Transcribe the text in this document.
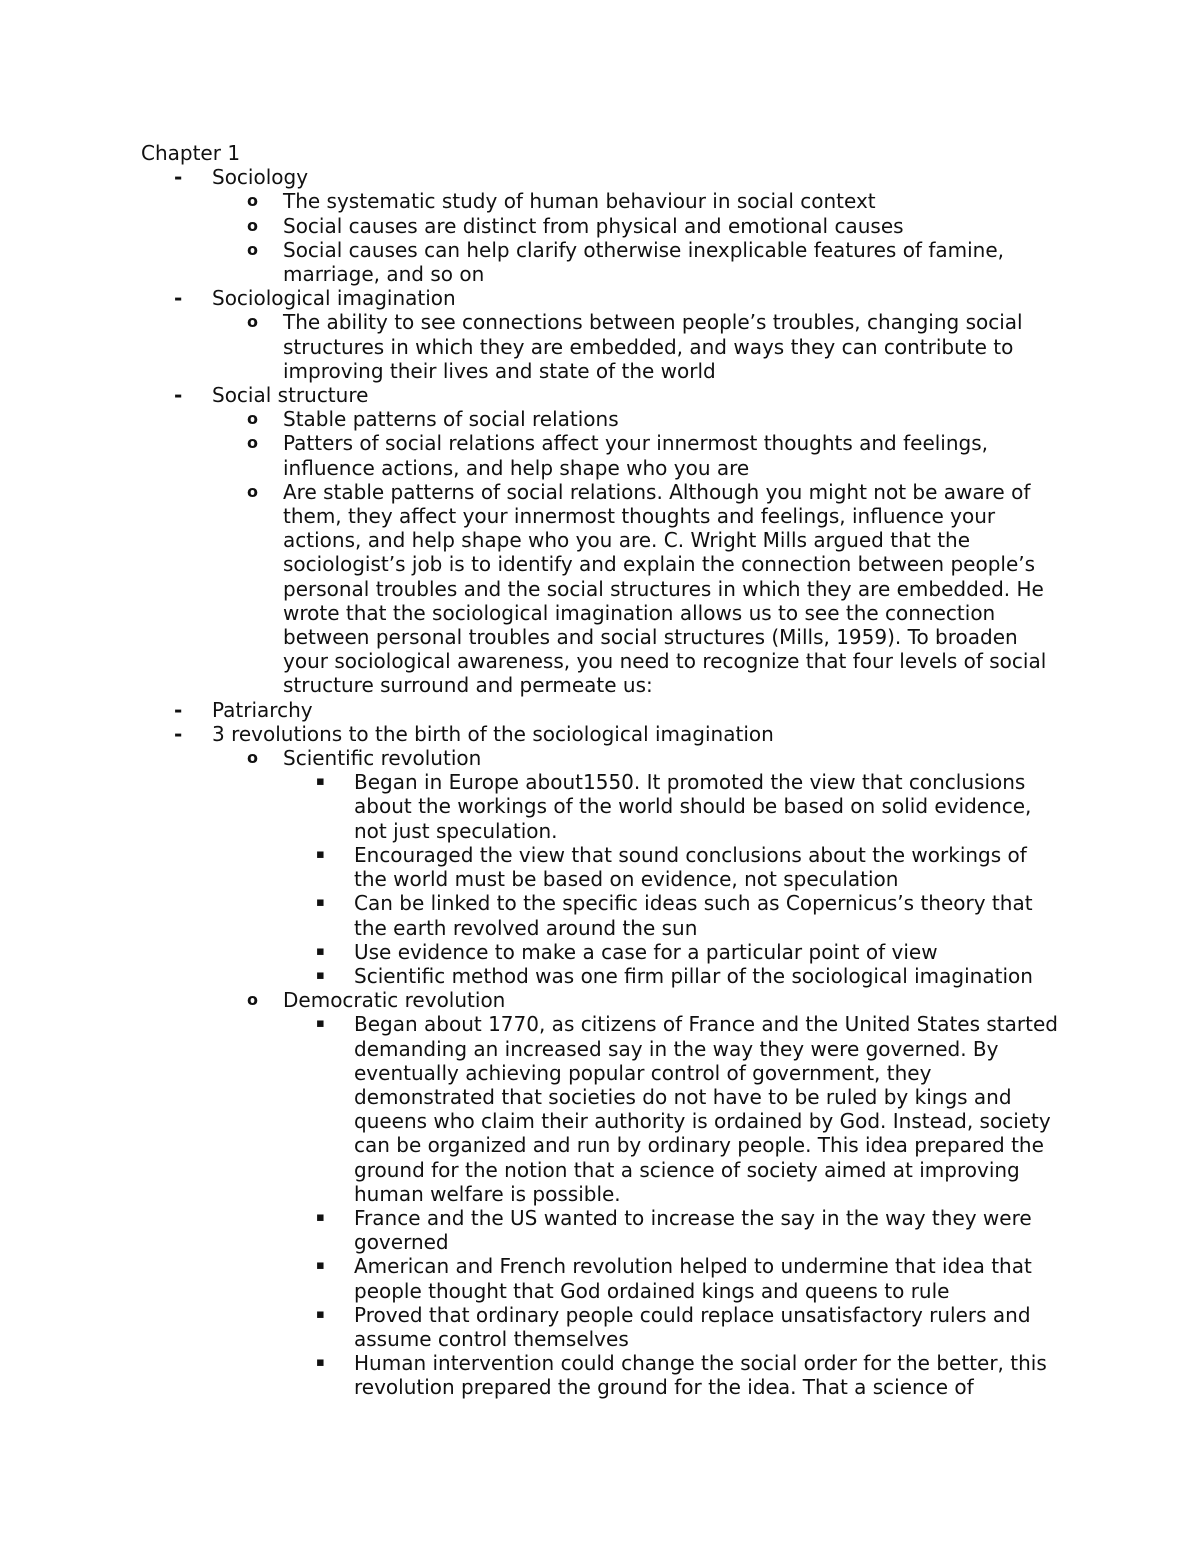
Chapter 1
- Sociology
o The systematic study of human behaviour in social context
o Social causes are distinct from physical and emotional causes
o Social causes can help clarify otherwise inexplicable features of famine, marriage, and so on
- Sociological imagination
o The ability to see connections between people’s troubles, changing social structures in which they are embedded, and ways they can contribute to improving their lives and state of the world
- Social structure
o Stable patterns of social relations
o Patters of social relations affect your innermost thoughts and feelings, influence actions, and help shape who you are
o Are stable patterns of social relations. Although you might not be aware of them, they affect your innermost thoughts and feelings, influence your actions, and help shape who you are. C. Wright Mills argued that the sociologist’s job is to identify and explain the connection between people’s personal troubles and the social structures in which they are embedded. He wrote that the sociological imagination allows us to see the connection between personal troubles and social structures (Mills, 1959). To broaden your sociological awareness, you need to recognize that four levels of social structure surround and permeate us:
- Patriarchy
- 3 revolutions to the birth of the sociological imagination
o Scientific revolution
▪ Began in Europe about1550. It promoted the view that conclusions about the workings of the world should be based on solid evidence, not just speculation.
▪ Encouraged the view that sound conclusions about the workings of the world must be based on evidence, not speculation
▪ Can be linked to the specific ideas such as Copernicus’s theory that the earth revolved around the sun
▪ Use evidence to make a case for a particular point of view
▪ Scientific method was one firm pillar of the sociological imagination
o Democratic revolution
▪ Began about 1770, as citizens of France and the United States started demanding an increased say in the way they were governed. By eventually achieving popular control of government, they demonstrated that societies do not have to be ruled by kings and queens who claim their authority is ordained by God. Instead, society can be organized and run by ordinary people. This idea prepared the ground for the notion that a science of society aimed at improving human welfare is possible.
▪ France and the US wanted to increase the say in the way they were governed
▪ American and French revolution helped to undermine that idea that people thought that God ordained kings and queens to rule
▪ Proved that ordinary people could replace unsatisfactory rulers and assume control themselves
▪ Human intervention could change the social order for the better, this revolution prepared the ground for the idea. That a science of
